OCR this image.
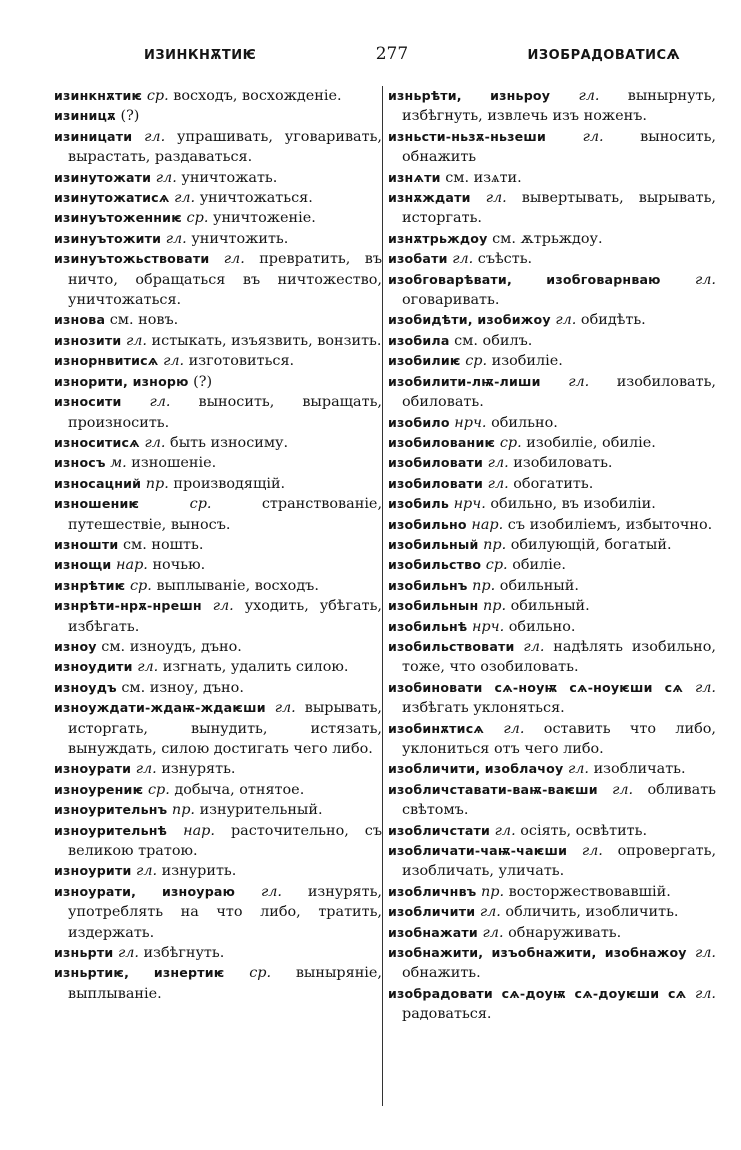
ИЗИНКНѪТИѤ	277	ИЗОБРАДОВАТИСѦ

изинкнѫтиѥ ср. восходъ, восхожденіе.

изиницѫ (?)

изиницати гл. упрашивать, уговаривать, вырастать, раздаваться.

изинутожати гл. уничтожать.

изинутожатисѧ гл. уничтожаться.

изинуътоженниѥ ср. уничтоженіе.

изинуътожити гл. уничтожить.

изинуътожьствовати гл. превратить, въ ничто, обращаться въ ничтожество, уничтожаться.

изнова см. новъ.

изнозити гл. истыкать, изъязвить, вонзить.

изнорнвитисѧ гл. изготовиться.

изнорити, изнорю (?)

износити гл. выносить, выращать, произносить.

износитисѧ гл. быть износиму.

износъ м. изношеніе.

износацний пр. производящій.

изношениѥ	ср.	странствованіе, путешествіе, выносъ.

изношти см. ношть.

изнощи нар. ночью.

изнрѣтиѥ ср. выплываніе, восходъ.

изнрѣти-нрѫ-нрешн гл. уходить, убѣгать, избѣгать.

изноу см. изноудъ, дъно.

изноудити гл. изгнать, удалить силою.

изноудъ см. изноу, дъно.

изноуждати-ждаѭ-ждаѥши гл. вырывать, исторгать, вынудить, истязать, вынуждать, силою достигать чего либо.

изноурати гл. изнурять.

изноурениѥ ср. добыча, отнятое.

изноурительнъ пр. изнурительный.

изноурительнѣ нар. расточительно, съ великою тратою.

изноурити гл. изнурить.

изноурати, изноураю гл. изнурять, употреблять на что либо, тратить, издержать.

изньрти гл. избѣгнуть.

изньртиѥ, изнертиѥ ср. выныряніе, выплываніе.

изньрѣти, изньроу гл. вынырнуть, избѣгнуть, извлечь изъ ноженъ.

изньсти-ньзѫ-ньзеши	гл.	выносить, обнажить

изнѧти см. изѧти.

изнѫждати гл. вывертывать, вырывать, исторгать.

изнѫтрьждоу см. ѫтрьждоу.

изобати гл. съѣсть.

изобговарѣвати, изобговарнваю гл. оговаривать.

изобидѣти, изобижоу гл. обидѣть.

изобила см. обилъ.

изобилиѥ ср. изобиліе.

изобилити-лѭ-лиши гл. изобиловать, обиловать.

изобило нрч. обильно.

изобилованиѥ ср. изобиліе, обиліе.

изобиловати гл. изобиловать.

изобиловати гл. обогатить.

изобиль нрч. обильно, въ изобиліи.

изобильно нар. съ изобиліемъ, избыточно.

изобильный пр. обилующій, богатый.

изобильство ср. обиліе.

изобильнъ пр. обильный.

изобильнын пр. обильный.

изобильнѣ нрч. обильно.

изобильствовати гл. надѣлять изобильно, тоже, что озобиловать.

изобиновати сѧ-ноуѭ сѧ-ноуѥши сѧ гл. избѣгать уклоняться.

изобинѫтисѧ гл. оставить что либо, уклониться отъ чего либо.

изобличити, изоблачоу гл. изобличать.

изобличставати-ваѭ-ваѥши гл. обливать свѣтомъ.

изобличстати гл. осіять, освѣтить.

изобличати-чаѭ-чаѥши гл. опровергать, изобличать, уличать.

изобличнвъ пр. восторжествовавшій.

изобличити гл. обличить, изобличить.

изобнажати гл. обнаруживать.

изобнажити, изъобнажити, изобнажоу гл. обнажить.

изобрадовати сѧ-доуѭ сѧ-доуѥши сѧ гл. радоваться.
